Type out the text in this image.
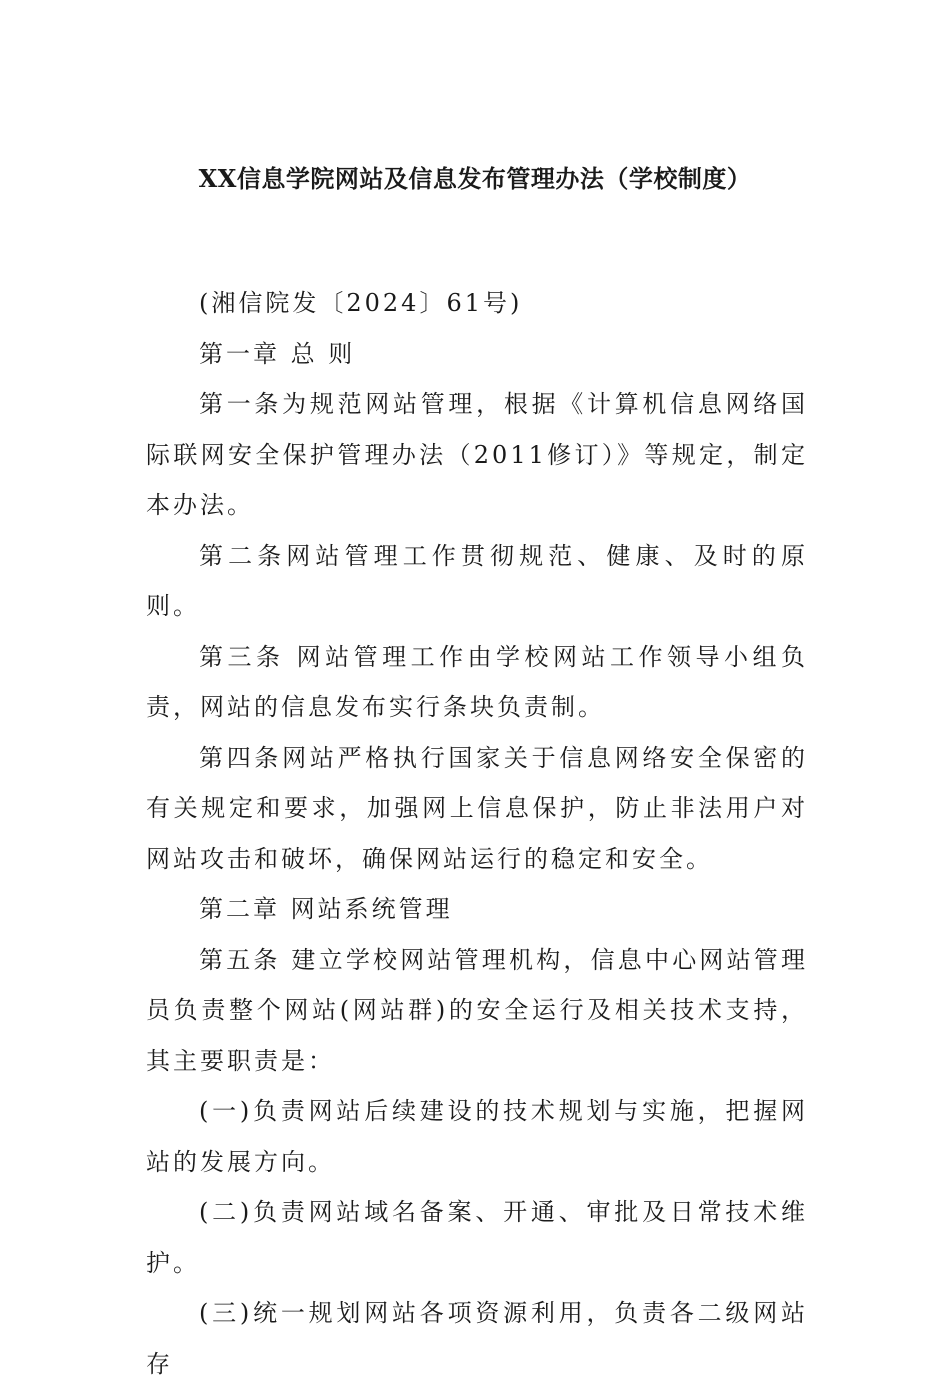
XX信息学院网站及信息发布管理办法（学校制度）

(湘信院发〔2024〕61号)

第一章 总 则

第一条为规范网站管理，根据《计算机信息网络国际联网安全保护管理办法（2011修订）》等规定，制定本办法。

第二条网站管理工作贯彻规范、健康、及时的原则。

第三条 网站管理工作由学校网站工作领导小组负责，网站的信息发布实行条块负责制。

第四条网站严格执行国家关于信息网络安全保密的有关规定和要求，加强网上信息保护，防止非法用户对网站攻击和破坏，确保网站运行的稳定和安全。

第二章 网站系统管理

第五条 建立学校网站管理机构，信息中心网站管理员负责整个网站(网站群)的安全运行及相关技术支持，其主要职责是：

(一)负责网站后续建设的技术规划与实施，把握网站的发展方向。

(二)负责网站域名备案、开通、审批及日常技术维护。

(三)统一规划网站各项资源利用，负责各二级网站存
